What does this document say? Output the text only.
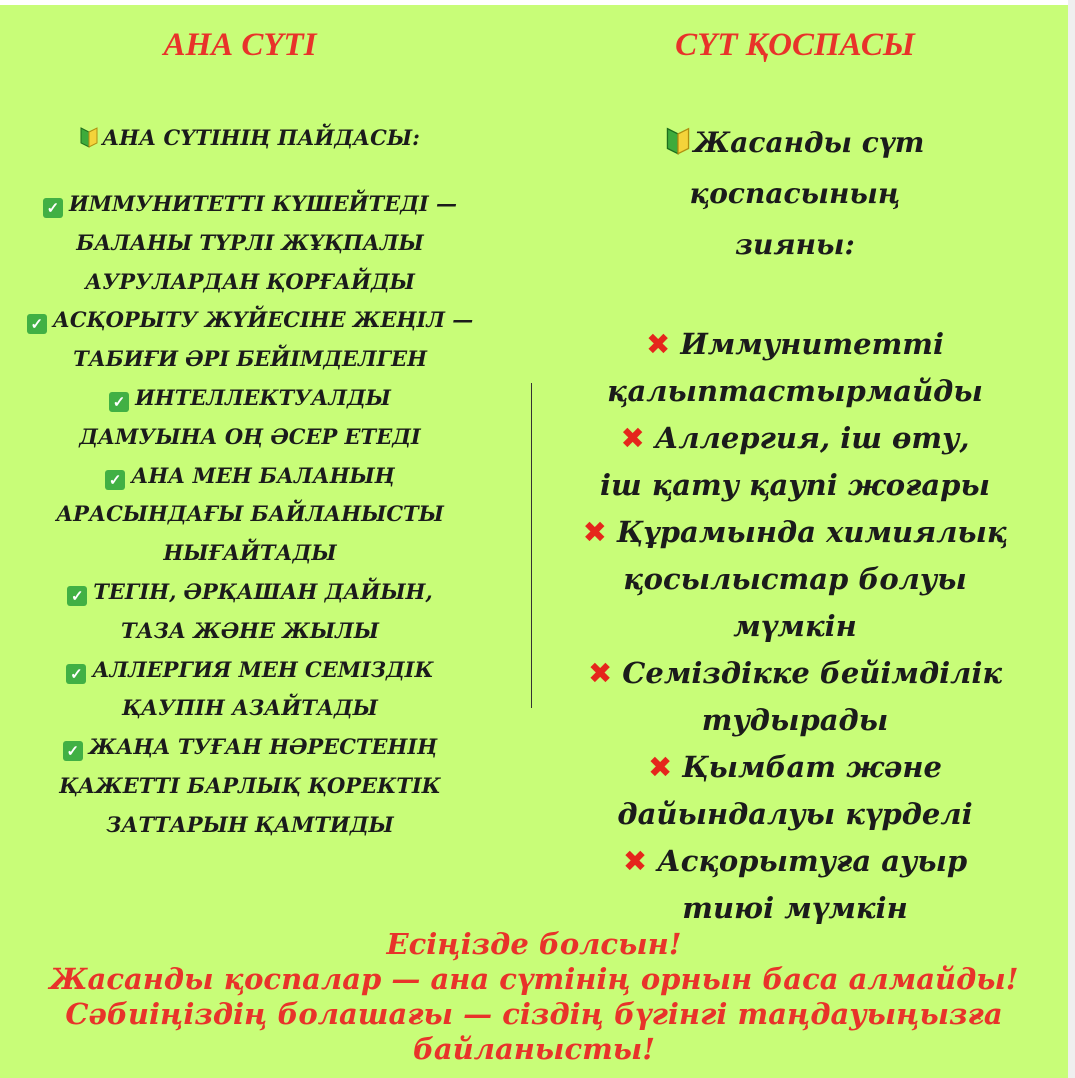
АНА СҮТІ	СҮТ ҚОСПАСЫ
АНА СҮТІНІҢ ПАЙДАСЫ:
✓ ИММУНИТЕТТІ КҮШЕЙТЕДІ — БАЛАНЫ ТҮРЛІ ЖҰҚПАЛЫ АУРУЛАРДАН ҚОРҒАЙДЫ
✓ АСҚОРЫТУ ЖҮЙЕСІНЕ ЖЕҢІЛ — ТАБИҒИ ӘРІ БЕЙІМДЕЛГЕН
✓ ИНТЕЛЛЕКТУАЛДЫ ДАМУЫНА ОҢ ӘСЕР ЕТЕДІ
✓ АНА МЕН БАЛАНЫҢ АРАСЫНДАҒЫ БАЙЛАНЫСТЫ НЫҒАЙТАДЫ
✓ ТЕГІН, ӘРҚАШАН ДАЙЫН, ТАЗА ЖӘНЕ ЖЫЛЫ
✓ АЛЛЕРГИЯ МЕН СЕМІЗДІК ҚАУПІН АЗАЙТАДЫ
✓ ЖАҢА ТУҒАН НӘРЕСТЕНІҢ ҚАЖЕТТІ БАРЛЫҚ ҚОРЕКТІК ЗАТТАРЫН ҚАМТИДЫ
Жасанды сүт қоспасының зияны:
✖ Иммунитетті қалыптастырмайды
✖ Аллергия, іш өту, іш қату қаупі жоғары
✖ Құрамында химиялық қосылыстар болуы мүмкін
✖ Семіздікке бейімділік тудырады
✖ Қымбат және дайындалуы күрделі
✖ Асқорытуға ауыр тиюі мүмкін
Есіңізде болсын!
Жасанды қоспалар — ана сүтінің орнын баса алмайды!
Сәбиіңіздің болашағы — сіздің бүгінгі таңдауыңызға
байланысты!
